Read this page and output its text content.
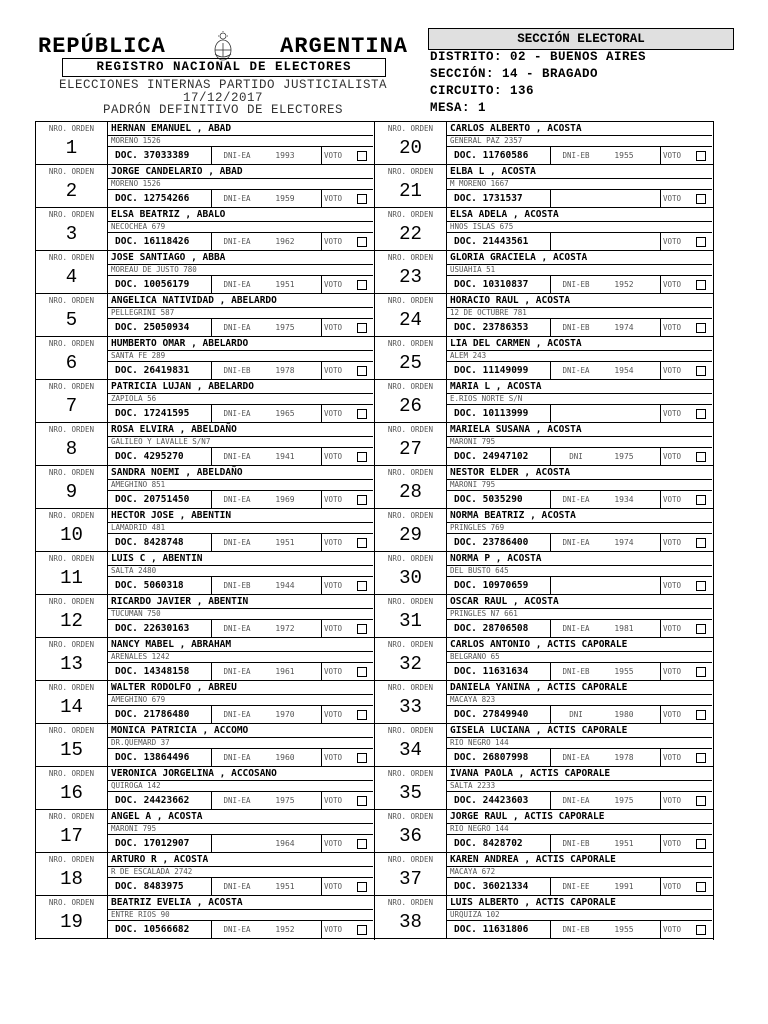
REPÚBLICA	ARGENTINA
REGISTRO NACIONAL DE ELECTORES
ELECCIONES INTERNAS PARTIDO JUSTICIALISTA
17/12/2017
PADRÓN DEFINITIVO DE ELECTORES
SECCIÓN ELECTORAL
DISTRITO: 02 - BUENOS AIRES
SECCIÓN: 14 - BRAGADO
CIRCUITO: 136
MESA: 1
NRO. ORDEN
1
HERNAN EMANUEL , ABAD
MORENO 1526
DOC. 37033389	DNI-EA	1993	VOTO
NRO. ORDEN
2
JORGE CANDELARIO , ABAD
MORENO 1526
DOC. 12754266	DNI-EA	1959	VOTO
NRO. ORDEN
3
ELSA BEATRIZ , ABALO
NECOCHEA 679
DOC. 16118426	DNI-EA	1962	VOTO
NRO. ORDEN
4
JOSE SANTIAGO , ABBA
MOREAU DE JUSTO 780
DOC. 10056179	DNI-EA	1951	VOTO
NRO. ORDEN
5
ANGELICA NATIVIDAD , ABELARDO
PELLEGRINI 587
DOC. 25050934	DNI-EA	1975	VOTO
NRO. ORDEN
6
HUMBERTO OMAR , ABELARDO
SANTA FE 289
DOC. 26419831	DNI-EB	1978	VOTO
NRO. ORDEN
7
PATRICIA LUJAN , ABELARDO
ZAPIOLA 56
DOC. 17241595	DNI-EA	1965	VOTO
NRO. ORDEN
8
ROSA ELVIRA , ABELDAÑO
GALILEO Y LAVALLE S/N7
DOC. 4295270	DNI-EA	1941	VOTO
NRO. ORDEN
9
SANDRA NOEMI , ABELDAÑO
AMEGHINO 851
DOC. 20751450	DNI-EA	1969	VOTO
NRO. ORDEN
10
HECTOR JOSE , ABENTIN
LAMADRID 481
DOC. 8428748	DNI-EA	1951	VOTO
NRO. ORDEN
11
LUIS C , ABENTIN
SALTA 2480
DOC. 5060318	DNI-EB	1944	VOTO
NRO. ORDEN
12
RICARDO JAVIER , ABENTIN
TUCUMAN 750
DOC. 22630163	DNI-EA	1972	VOTO
NRO. ORDEN
13
NANCY MABEL , ABRAHAM
ARENALES 1242
DOC. 14348158	DNI-EA	1961	VOTO
NRO. ORDEN
14
WALTER RODOLFO , ABREU
AMEGHINO 679
DOC. 21786480	DNI-EA	1970	VOTO
NRO. ORDEN
15
MONICA PATRICIA , ACCOMO
DR.QUEMARD 37
DOC. 13864496	DNI-EA	1960	VOTO
NRO. ORDEN
16
VERONICA JORGELINA , ACCOSANO
QUIROGA 142
DOC. 24423662	DNI-EA	1975	VOTO
NRO. ORDEN
17
ANGEL A , ACOSTA
MARONI 795
DOC. 17012907	1964	VOTO
NRO. ORDEN
18
ARTURO R , ACOSTA
R DE ESCALADA 2742
DOC. 8483975	DNI-EA	1951	VOTO
NRO. ORDEN
19
BEATRIZ EVELIA , ACOSTA
ENTRE RIOS 90
DOC. 10566682	DNI-EA	1952	VOTO
NRO. ORDEN
20
CARLOS ALBERTO , ACOSTA
GENERAL PAZ 2357
DOC. 11760586	DNI-EB	1955	VOTO
NRO. ORDEN
21
ELBA L , ACOSTA
M MORENO 1667
DOC. 1731537	VOTO
NRO. ORDEN
22
ELSA ADELA , ACOSTA
HNOS ISLAS 675
DOC. 21443561	VOTO
NRO. ORDEN
23
GLORIA GRACIELA , ACOSTA
USUAHIA 51
DOC. 10310837	DNI-EB	1952	VOTO
NRO. ORDEN
24
HORACIO RAUL , ACOSTA
12 DE OCTUBRE 781
DOC. 23786353	DNI-EB	1974	VOTO
NRO. ORDEN
25
LIA DEL CARMEN , ACOSTA
ALEM 243
DOC. 11149099	DNI-EA	1954	VOTO
NRO. ORDEN
26
MARIA L , ACOSTA
E.RIOS NORTE S/N
DOC. 10113999	VOTO
NRO. ORDEN
27
MARIELA SUSANA , ACOSTA
MARONI 795
DOC. 24947102	DNI	1975	VOTO
NRO. ORDEN
28
NESTOR ELDER , ACOSTA
MARONI 795
DOC. 5035290	DNI-EA	1934	VOTO
NRO. ORDEN
29
NORMA BEATRIZ , ACOSTA
PRINGLES 769
DOC. 23786400	DNI-EA	1974	VOTO
NRO. ORDEN
30
NORMA P , ACOSTA
DEL BUSTO 645
DOC. 10970659	VOTO
NRO. ORDEN
31
OSCAR RAUL , ACOSTA
PRINGLES N7 661
DOC. 28706508	DNI-EA	1981	VOTO
NRO. ORDEN
32
CARLOS ANTONIO , ACTIS CAPORALE
BELGRANO 65
DOC. 11631634	DNI-EB	1955	VOTO
NRO. ORDEN
33
DANIELA YANINA , ACTIS CAPORALE
MACAYA 823
DOC. 27849940	DNI	1980	VOTO
NRO. ORDEN
34
GISELA LUCIANA , ACTIS CAPORALE
RIO NEGRO 144
DOC. 26807998	DNI-EA	1978	VOTO
NRO. ORDEN
35
IVANA PAOLA , ACTIS CAPORALE
SALTA 2233
DOC. 24423603	DNI-EA	1975	VOTO
NRO. ORDEN
36
JORGE RAUL , ACTIS CAPORALE
RIO NEGRO 144
DOC. 8428702	DNI-EB	1951	VOTO
NRO. ORDEN
37
KAREN ANDREA , ACTIS CAPORALE
MACAYA 672
DOC. 36021334	DNI-EE	1991	VOTO
NRO. ORDEN
38
LUIS ALBERTO , ACTIS CAPORALE
URQUIZA 102
DOC. 11631806	DNI-EB	1955	VOTO
